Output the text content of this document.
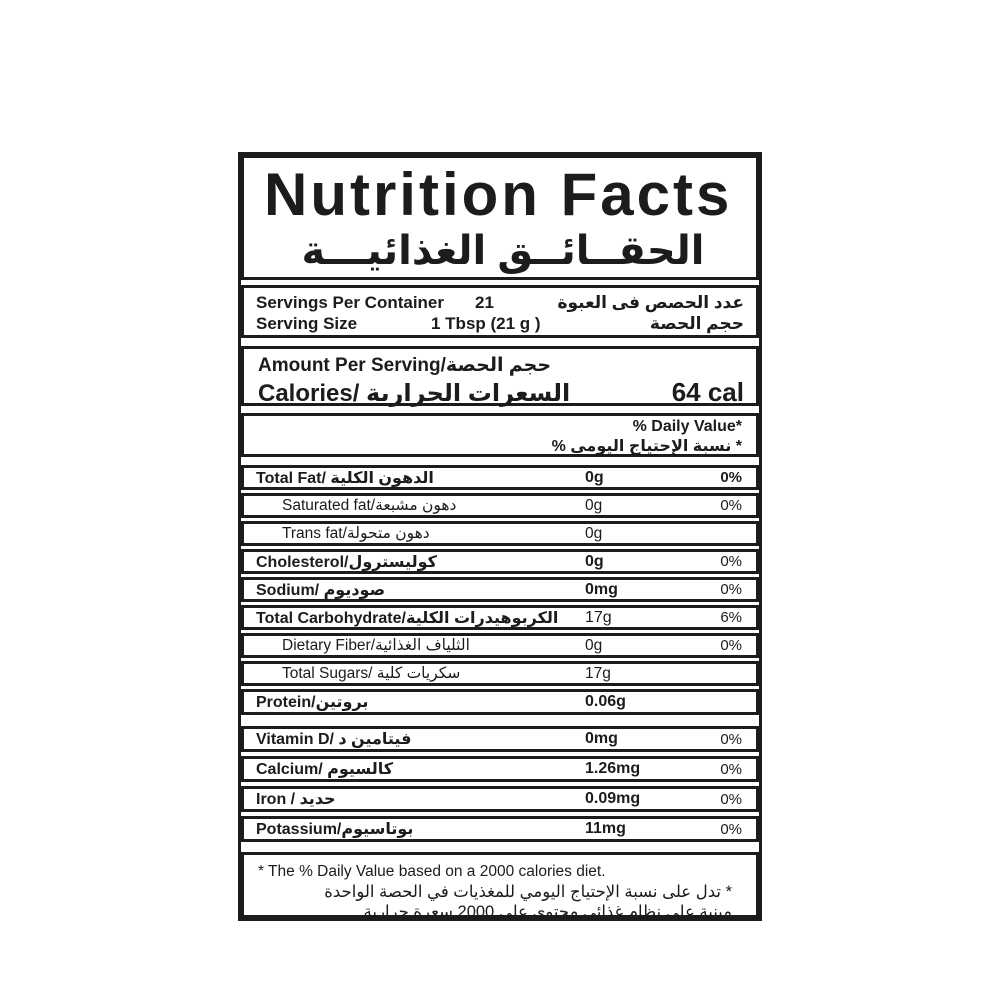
Nutrition Facts
الحقــائــق الغذائيـــة
Servings Per Container	21	عدد الحصص فى العبوة
Serving Size	1 Tbsp (21 g )	حجم الحصة
Amount Per Serving/حجم الحصة
Calories/ السعرات الحرارية	64 cal
% Daily Value*
* نسبة الإحتياج اليومى %
Total Fat/ الدهون الكلية	0g	0%
Saturated fat/دهون مشبعة	0g	0%
Trans fat/دهون متحولة	0g
Cholesterol/كوليسترول	0g	0%
Sodium/ صوديوم	0mg	0%
Total Carbohydrate/الكربوهيدرات الكلية	17g	6%
Dietary Fiber/الثلياف الغذائية	0g	0%
Total Sugars/ سكريات كلية	17g
Protein/بروتين	0.06g
Vitamin D/ فيتامين د	0mg	0%
Calcium/ كالسيوم	1.26mg	0%
Iron / حديد	0.09mg	0%
Potassium/بوتاسيوم	11mg	0%
* The % Daily Value based on a 2000 calories diet.
* تدل على نسبة الإحتياج اليومي للمغذيات في الحصة الواحدة
مبنية على نظام غذائى محتوي على 2000 سعرة حرارية
